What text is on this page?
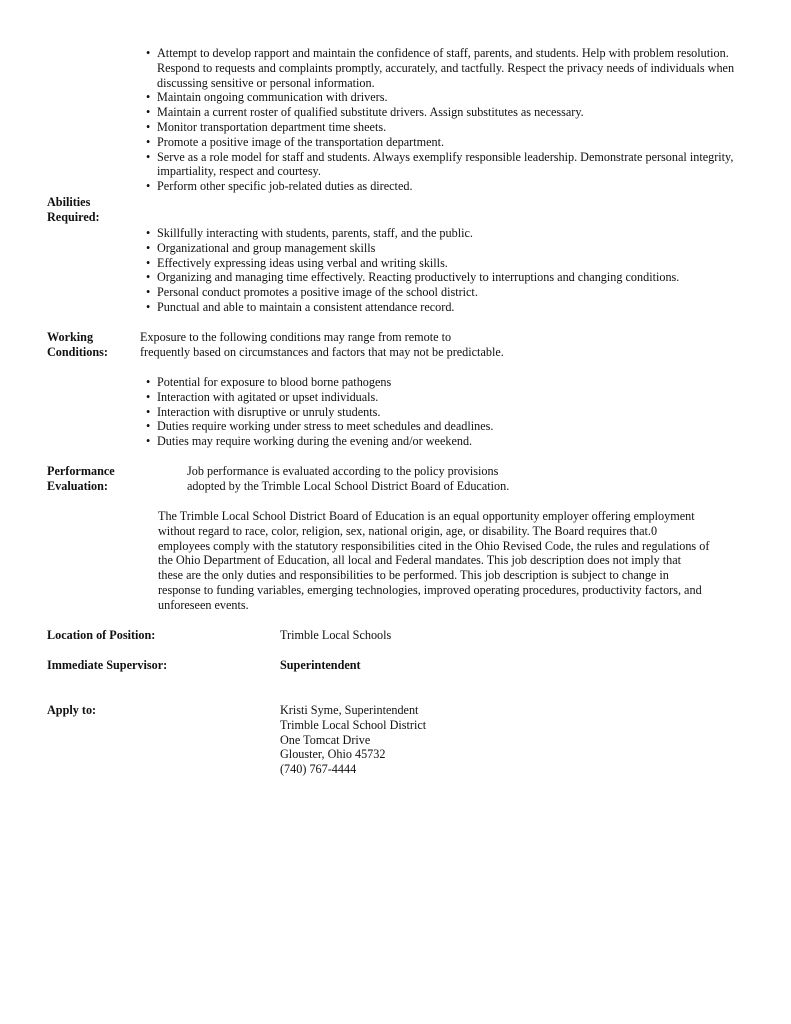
• Attempt to develop rapport and maintain the confidence of staff, parents, and students. Help with problem resolution. Respond to requests and complaints promptly, accurately, and tactfully. Respect the privacy needs of individuals when discussing sensitive or personal information.
• Maintain ongoing communication with drivers.
• Maintain a current roster of qualified substitute drivers. Assign substitutes as necessary.
• Monitor transportation department time sheets.
• Promote a positive image of the transportation department.
• Serve as a role model for staff and students. Always exemplify responsible leadership. Demonstrate personal integrity, impartiality, respect and courtesy.
• Perform other specific job-related duties as directed.
Abilities
Required:
• Skillfully interacting with students, parents, staff, and the public.
• Organizational and group management skills
• Effectively expressing ideas using verbal and writing skills.
• Organizing and managing time effectively. Reacting productively to interruptions and changing conditions.
• Personal conduct promotes a positive image of the school district.
• Punctual and able to maintain a consistent attendance record.
Working
Conditions:
Exposure to the following conditions may range from remote to
frequently based on circumstances and factors that may not be predictable.
• Potential for exposure to blood borne pathogens
• Interaction with agitated or upset individuals.
• Interaction with disruptive or unruly students.
• Duties require working under stress to meet schedules and deadlines.
• Duties may require working during the evening and/or weekend.
Performance
Evaluation:
Job performance is evaluated according to the policy provisions
adopted by the Trimble Local School District Board of Education.
The Trimble Local School District Board of Education is an equal opportunity employer offering employment
without regard to race, color, religion, sex, national origin, age, or disability. The Board requires that.0
employees comply with the statutory responsibilities cited in the Ohio Revised Code, the rules and regulations of
the Ohio Department of Education, all local and Federal mandates. This job description does not imply that
these are the only duties and responsibilities to be performed. This job description is subject to change in
response to funding variables, emerging technologies, improved operating procedures, productivity factors, and
unforeseen events.
Location of Position:	Trimble Local Schools
Immediate Supervisor:	Superintendent
Apply to:	Kristi Syme, Superintendent
Trimble Local School District
One Tomcat Drive
Glouster, Ohio 45732
(740) 767-4444
